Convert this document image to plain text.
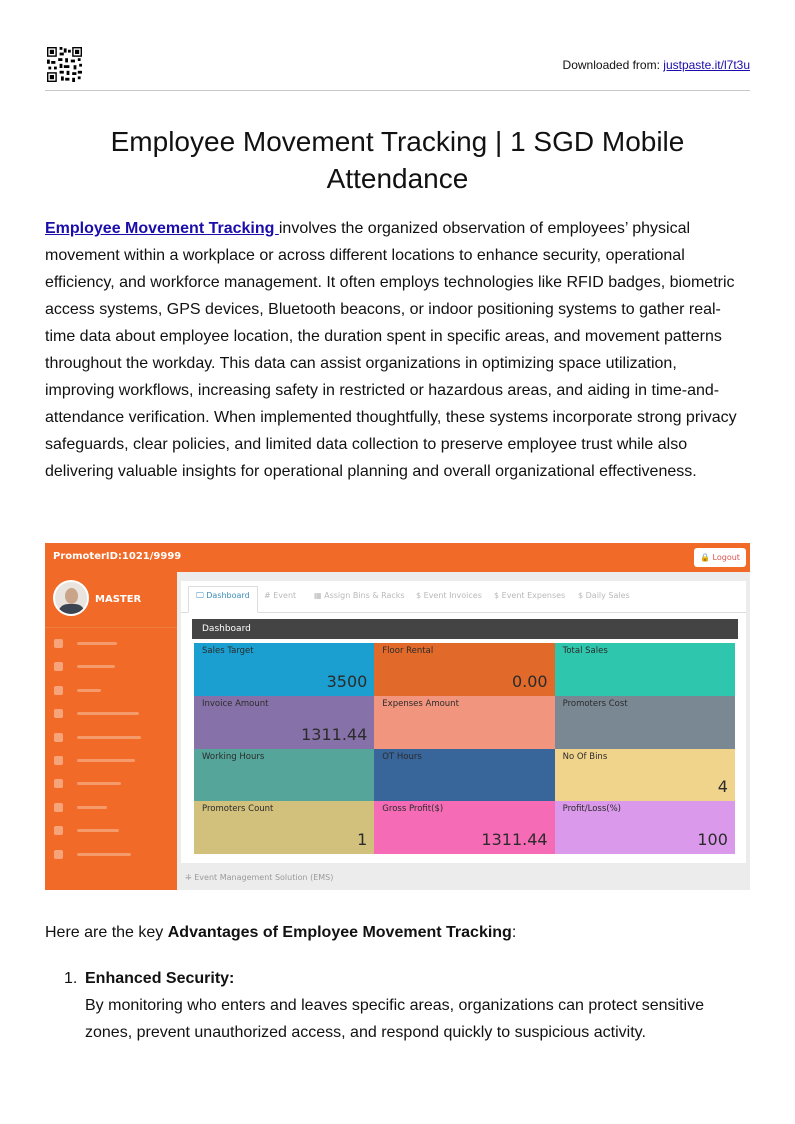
Downloaded from: justpaste.it/l7t3u
Employee Movement Tracking | 1 SGD Mobile Attendance

Employee Movement Tracking involves the organized observation of employees’ physical movement within a workplace or across different locations to enhance security, operational efficiency, and workforce management. It often employs technologies like RFID badges, biometric access systems, GPS devices, Bluetooth beacons, or indoor positioning systems to gather real-time data about employee location, the duration spent in specific areas, and movement patterns throughout the workday. This data can assist organizations in optimizing space utilization, improving workflows, increasing safety in restricted or hazardous areas, and aiding in time-and-attendance verification. When implemented thoughtfully, these systems incorporate strong privacy safeguards, clear policies, and limited data collection to preserve employee trust while also delivering valuable insights for operational planning and overall organizational effectiveness.

PromoterID:1021/9999	🔒 Logout
MASTER	🖵 Dashboard	# Event ▦ Assign Bins & Racks $ Event Invoices $ Event Expenses $ Daily Sales
Dashboard
Sales Target
3500
Floor Rental
0.00
Total Sales
Invoice Amount
1311.44
Expenses Amount	Promoters Cost
Working Hours	OT Hours	No Of Bins
4
Promoters Count
1
Gross Profit($)
1311.44
Profit/Loss(%)
100
⁜ Event Management Solution (EMS)
Here are the key Advantages of Employee Movement Tracking:
1. Enhanced Security:
By monitoring who enters and leaves specific areas, organizations can protect sensitive zones, prevent unauthorized access, and respond quickly to suspicious activity.
